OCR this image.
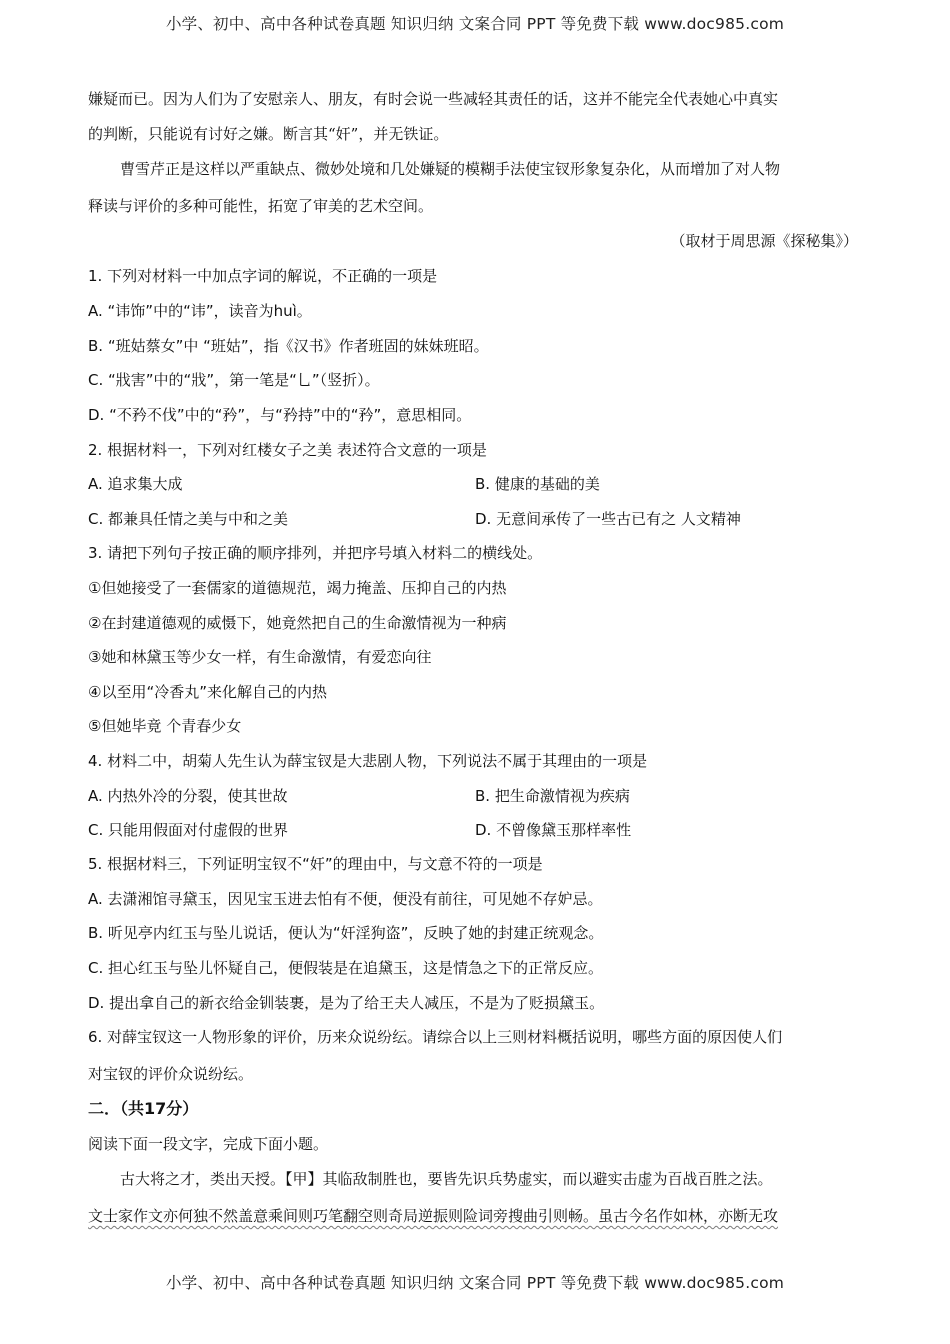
小学、初中、高中各种试卷真题 知识归纳 文案合同 PPT 等免费下载 www.doc985.com
嫌疑而已。因为人们为了安慰亲人、朋友，有时会说一些减轻其责任的话，这并不能完全代表她心中真实
的判断，只能说有讨好之嫌。断言其“奸”，并无铁证。
曹雪芹正是这样以严重缺点、微妙处境和几处嫌疑的模糊手法使宝钗形象复杂化，从而增加了对人物
释读与评价的多种可能性，拓宽了审美的艺术空间。
（取材于周思源《探秘集》）
1. 下列对材料一中加点字词的解说，不正确的一项是
A. “讳饰”中的“讳”，读音为huì。
B. “班姑蔡女”中 “班姑”，指《汉书》作者班固的妹妹班昭。
C. “戕害”中的“戕”，第一笔是“乚”（竖折）。
D. “不矜不伐”中的“矜”，与“矜持”中的“矜”，意思相同。
2. 根据材料一，下列对红楼女子之美 表述符合文意的一项是
A. 追求集大成	B. 健康的基础的美
C. 都兼具任情之美与中和之美	D. 无意间承传了一些古已有之 人文精神
3. 请把下列句子按正确的顺序排列，并把序号填入材料二的横线处。
①但她接受了一套儒家的道德规范，竭力掩盖、压抑自己的内热
②在封建道德观的威慑下，她竟然把自己的生命激情视为一种病
③她和林黛玉等少女一样，有生命激情，有爱恋向往
④以至用“冷香丸”来化解自己的内热
⑤但她毕竟 个青春少女
4. 材料二中，胡菊人先生认为薛宝钗是大悲剧人物，下列说法不属于其理由的一项是
A. 内热外冷的分裂，使其世故	B. 把生命激情视为疾病
C. 只能用假面对付虚假的世界	D. 不曾像黛玉那样率性
5. 根据材料三，下列证明宝钗不“奸”的理由中，与文意不符的一项是
A. 去潇湘馆寻黛玉，因见宝玉进去怕有不便，便没有前往，可见她不存妒忌。
B. 听见亭内红玉与坠儿说话，便认为“奸淫狗盗”，反映了她的封建正统观念。
C. 担心红玉与坠儿怀疑自己，便假装是在追黛玉，这是情急之下的正常反应。
D. 提出拿自己的新衣给金钏装裹，是为了给王夫人减压，不是为了贬损黛玉。
6. 对薛宝钗这一人物形象的评价，历来众说纷纭。请综合以上三则材料概括说明，哪些方面的原因使人们
对宝钗的评价众说纷纭。
二．（共17分）
阅读下面一段文字，完成下面小题。
古大将之才，类出天授。【甲】其临敌制胜也，要皆先识兵势虚实，而以避实击虚为百战百胜之法。
文士家作文亦何独不然盖意乘间则巧笔翻空则奇局逆振则险词旁搜曲引则畅。虽古今名作如林，亦断无攻
小学、初中、高中各种试卷真题 知识归纳 文案合同 PPT 等免费下载 www.doc985.com
